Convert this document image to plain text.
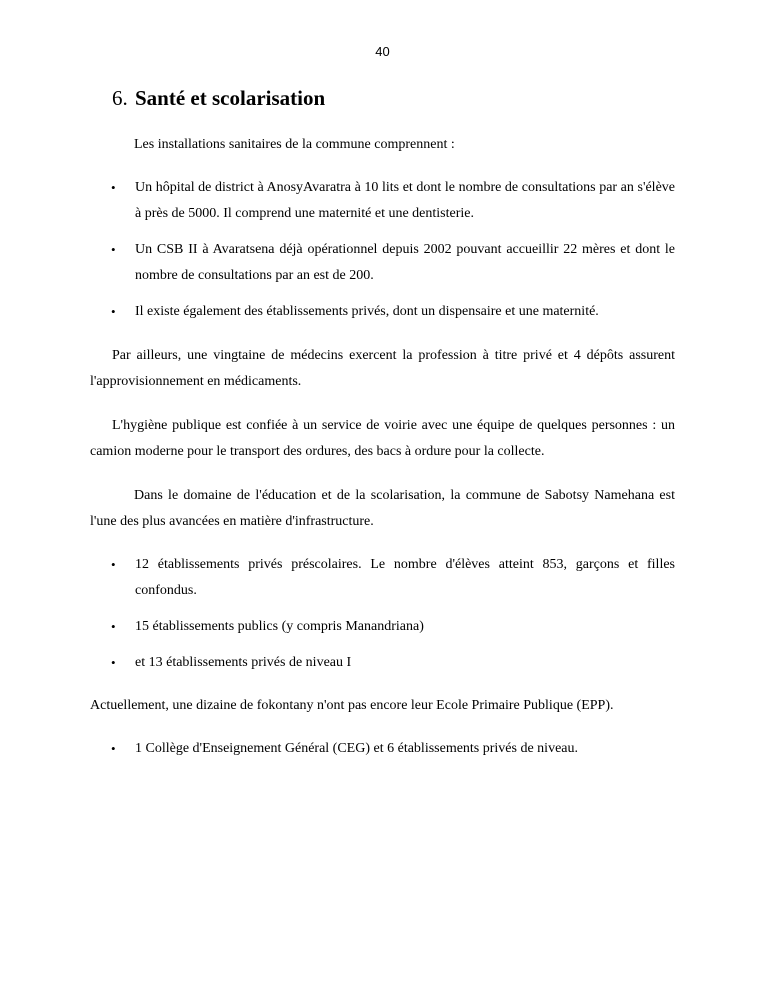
40
6. Santé et scolarisation

Les installations sanitaires de la commune comprennent :

• Un hôpital de district à AnosyAvaratra à 10 lits et dont le nombre de consultations par an s'élève à près de 5000. Il comprend une maternité et une dentisterie.
• Un CSB II à Avaratsena déjà opérationnel depuis 2002 pouvant accueillir 22 mères et dont le nombre de consultations par an est de 200.
• Il existe également des établissements privés, dont un dispensaire et une maternité.

Par ailleurs, une vingtaine de médecins exercent la profession à titre privé et 4 dépôts assurent l'approvisionnement en médicaments.

L'hygiène publique est confiée à un service de voirie avec une équipe de quelques personnes : un camion moderne pour le transport des ordures, des bacs à ordure pour la collecte.

Dans le domaine de l'éducation et de la scolarisation, la commune de Sabotsy Namehana est l'une des plus avancées en matière d'infrastructure.

• 12 établissements privés préscolaires. Le nombre d'élèves atteint 853, garçons et filles confondus.
• 15 établissements publics (y compris Manandriana)
• et 13 établissements privés de niveau I

Actuellement, une dizaine de fokontany n'ont pas encore leur Ecole Primaire Publique (EPP).

• 1 Collège d'Enseignement Général (CEG) et 6 établissements privés de niveau.
